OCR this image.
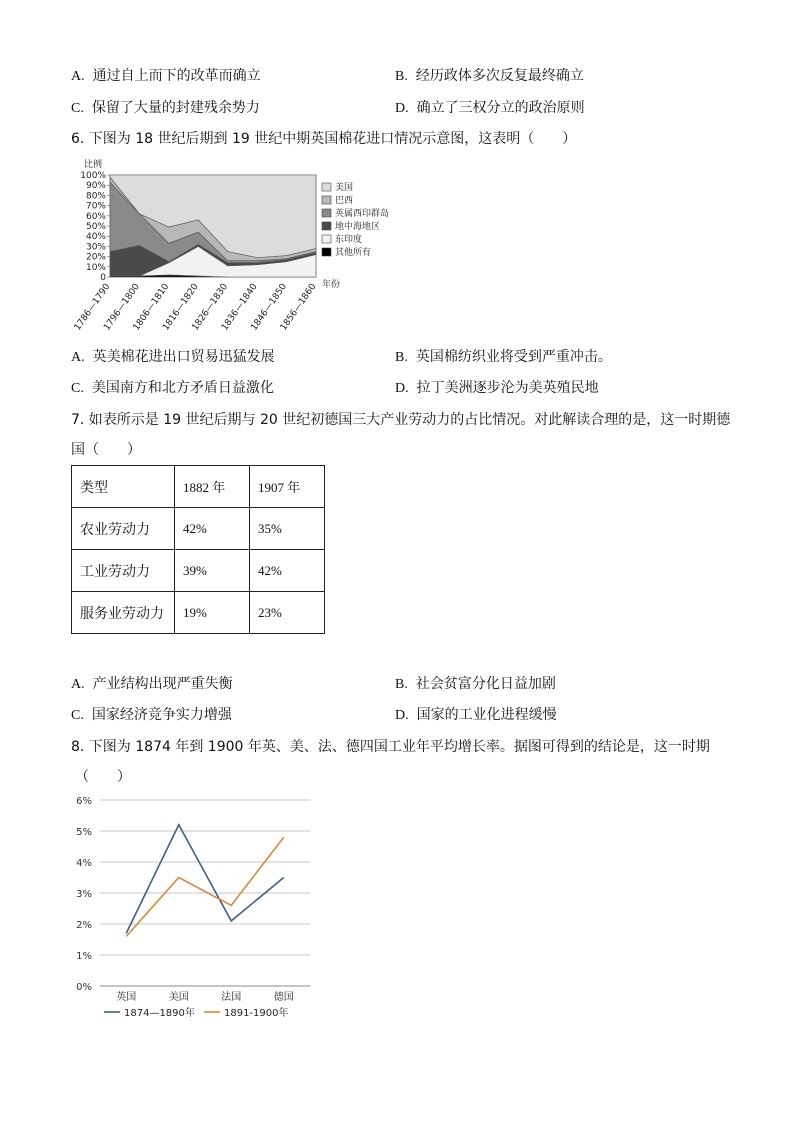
A. 通过自上而下的改革而确立	B. 经历政体多次反复最终确立
C. 保留了大量的封建残余势力	D. 确立了三权分立的政治原则
6. 下图为 18 世纪后期到 19 世纪中期英国棉花进口情况示意图，这表明（　　）
0
10%
20%
30%
40%
50%
60%
70%
80%
90%
100%
比例
1786—1790
1796—1800
1806—1810
1816—1820
1826—1830
1836—1840
1846—1850
1856—1860 年份
美国
巴西
英属西印群岛
地中海地区
东印度
其他所有
A. 英美棉花进出口贸易迅猛发展	B. 英国棉纺织业将受到严重冲击。
C. 美国南方和北方矛盾日益激化	D. 拉丁美洲逐步沦为美英殖民地
7. 如表所示是 19 世纪后期与 20 世纪初德国三大产业劳动力的占比情况。对此解读合理的是，这一时期德
国（　　）
类型	1882 年	1907 年
农业劳动力	42%	35%
工业劳动力	39%	42%
服务业劳动力	19%	23%
A. 产业结构出现严重失衡	B. 社会贫富分化日益加剧
C. 国家经济竞争实力增强	D. 国家的工业化进程缓慢
8. 下图为 1874 年到 1900 年英、美、法、德四国工业年平均增长率。据图可得到的结论是，这一时期
（　　）
0%
1%
2%
3%
4%
5%
6%
英国	美国	法国	德国
1874—1890年	1891-1900年
